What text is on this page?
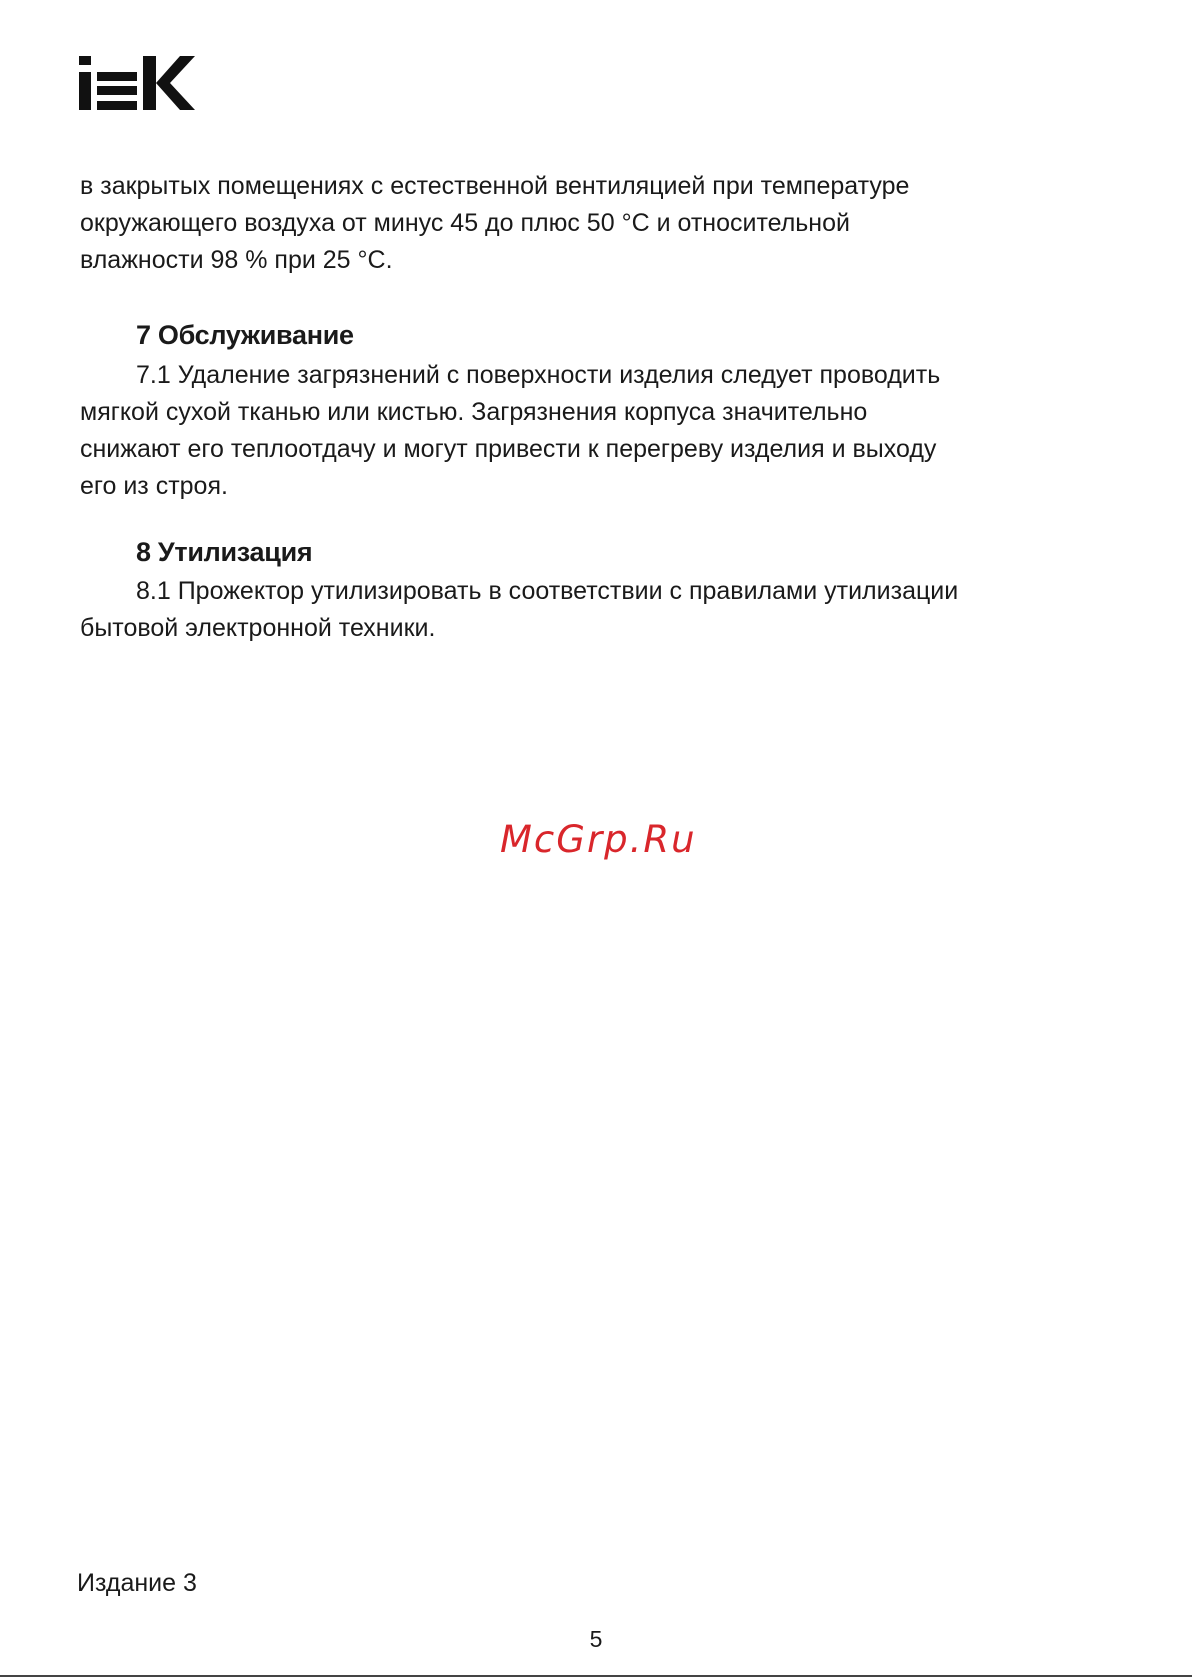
в закрытых помещениях с естественной вентиляцией при температуре
окружающего воздуха от минус 45 до плюс 50 °С и относительной
влажности 98 % при 25 °С.

7 Обслуживание

7.1 Удаление загрязнений с поверхности изделия следует проводить
мягкой сухой тканью или кистью. Загрязнения корпуса значительно
снижают его теплоотдачу и могут привести к перегреву изделия и выходу
его из строя.

8 Утилизация

8.1 Прожектор утилизировать в соответствии с правилами утилизации
бытовой электронной техники.

McGrp.Ru
Издание 3
5
